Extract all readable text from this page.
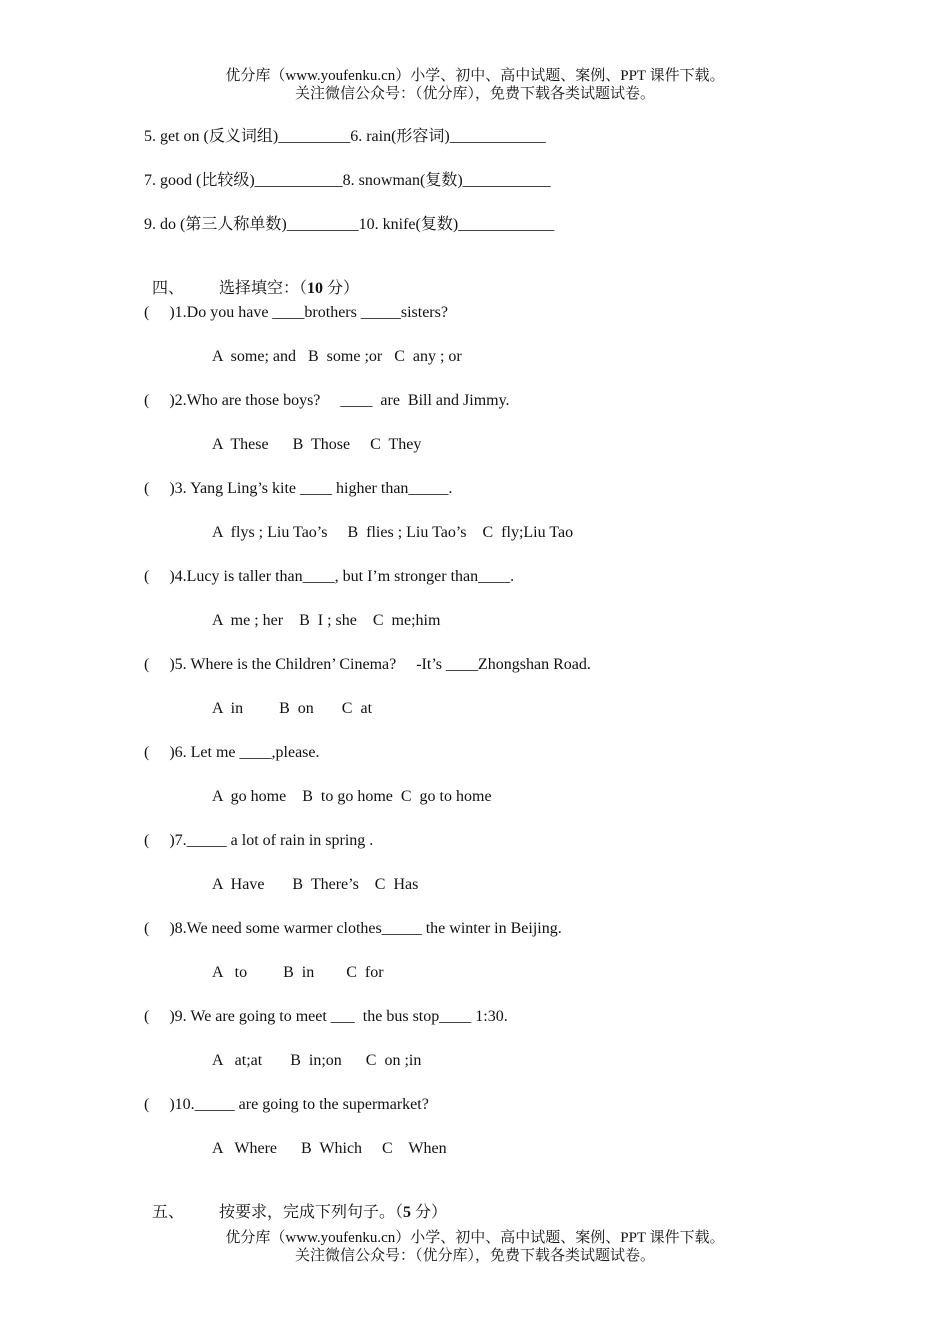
优分库（www.youfenku.cn）小学、初中、高中试题、案例、PPT 课件下载。
关注微信公众号：（优分库），免费下载各类试题试卷。
5. get on (反义词组)_________6. rain(形容词)____________
7. good (比较级)___________8. snowman(复数)___________
9. do (第三人称单数)_________10. knife(复数)____________

四、 选择填空：（10 分）

(     )1.Do you have ____brothers _____sisters?
A  some; and   B  some ;or   C  any ; or
(     )2.Who are those boys?     ____  are  Bill and Jimmy.
A  These      B  Those     C  They
(     )3. Yang Ling’s kite ____ higher than_____.
A  flys ; Liu Tao’s     B  flies ; Liu Tao’s    C  fly;Liu Tao
(     )4.Lucy is taller than____, but I’m stronger than____.
A  me ; her    B  I ; she    C  me;him
(     )5. Where is the Children’ Cinema?     -It’s ____Zhongshan Road.
A  in         B  on       C  at
(     )6. Let me ____,please.
A  go home    B  to go home  C  go to home
(     )7._____ a lot of rain in spring .
A  Have       B  There’s    C  Has
(     )8.We need some warmer clothes_____ the winter in Beijing.
A   to         B  in        C  for
(     )9. We are going to meet ___  the bus stop____ 1:30.
A   at;at       B  in;on      C  on ;in
(     )10._____ are going to the supermarket?
A   Where      B  Which     C    When

五、 按要求，完成下列句子。（5 分）

优分库（www.youfenku.cn）小学、初中、高中试题、案例、PPT 课件下载。
关注微信公众号：（优分库），免费下载各类试题试卷。
